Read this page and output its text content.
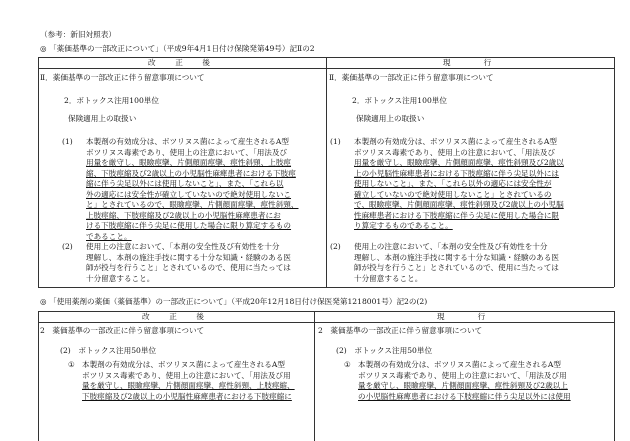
（参考：新旧対照表）
◎ 「薬価基準の一部改正について」（平成9年4月1日付け保険発第49号）記Ⅱの2
改　正　後	現　　行
Ⅱ．薬価基準の一部改正に伴う留意事項について
2．ボトックス注用100単位
保険適用上の取扱い
(1) 本製剤の有効成分は、ボツリヌス菌によって産生されるA型
ボツリヌス毒素であり、使用上の注意において、「用法及び
用量を厳守し、眼瞼痙攣、片側顔面痙攣、痙性斜頸、上肢痙
縮、下肢痙縮及び2歳以上の小児脳性麻痺患者における下肢痙
縮に伴う尖足以外には使用しないこと」、また、「これら以
外の適応には安全性が確立していないので絶対使用しないこ
と」とされているので、眼瞼痙攣、片側顔面痙攣、痙性斜頸、
上肢痙縮、下肢痙縮及び2歳以上の小児脳性麻痺患者にお
ける下肢痙縮に伴う尖足に使用した場合に限り算定するもの
であること。
(2) 使用上の注意において、「本剤の安全性及び有効性を十分
理解し、本剤の施注手技に関する十分な知識・経験のある医
師が投与を行うこと」とされているので、使用に当たっては
十分留意すること。
Ⅱ．薬価基準の一部改正に伴う留意事項について
2．ボトックス注用100単位
保険適用上の取扱い
(1) 本製剤の有効成分は、ボツリヌス菌によって産生されるA型
ボツリヌス毒素であり、使用上の注意において、「用法及び
用量を厳守し、眼瞼痙攣、片側顔面痙攣、痙性斜頸及び2歳以
上の小児脳性麻痺患者における下肢痙縮に伴う尖足以外には
使用しないこと」、また、「これら以外の適応には安全性が
確立していないので絶対使用しないこと」とされているの
で、眼瞼痙攣、片側顔面痙攣、痙性斜頸及び2歳以上の小児脳
性麻痺患者における下肢痙縮に伴う尖足に使用した場合に限
り算定するものであること。
(2) 使用上の注意において、「本剤の安全性及び有効性を十分
理解し、本剤の施注手技に関する十分な知識・経験のある医
師が投与を行うこと」とされているので、使用に当たっては
十分留意すること。
◎ 「使用薬剤の薬価（薬価基準）の一部改正について」（平成20年12月18日付け保医発第1218001号）記2の(2)
改　正　後	現　　行
2　薬価基準の一部改正に伴う留意事項について
(2)　ボトックス注用50単位
① 本製剤の有効成分は、ボツリヌス菌によって産生されるA型
ボツリヌス毒素であり、使用上の注意において、「用法及び用
量を厳守し、眼瞼痙攣、片側顔面痙攣、痙性斜頸、上肢痙縮、
下肢痙縮及び2歳以上の小児脳性麻痺患者における下肢痙縮に
2　薬価基準の一部改正に伴う留意事項について
(2)　ボトックス注用50単位
① 本製剤の有効成分は、ボツリヌス菌によって産生されるA型
ボツリヌス毒素であり、使用上の注意において、「用法及び用
量を厳守し、眼瞼痙攣、片側顔面痙攣、痙性斜頸及び2歳以上
の小児脳性麻痺患者における下肢痙縮に伴う尖足以外には使用
